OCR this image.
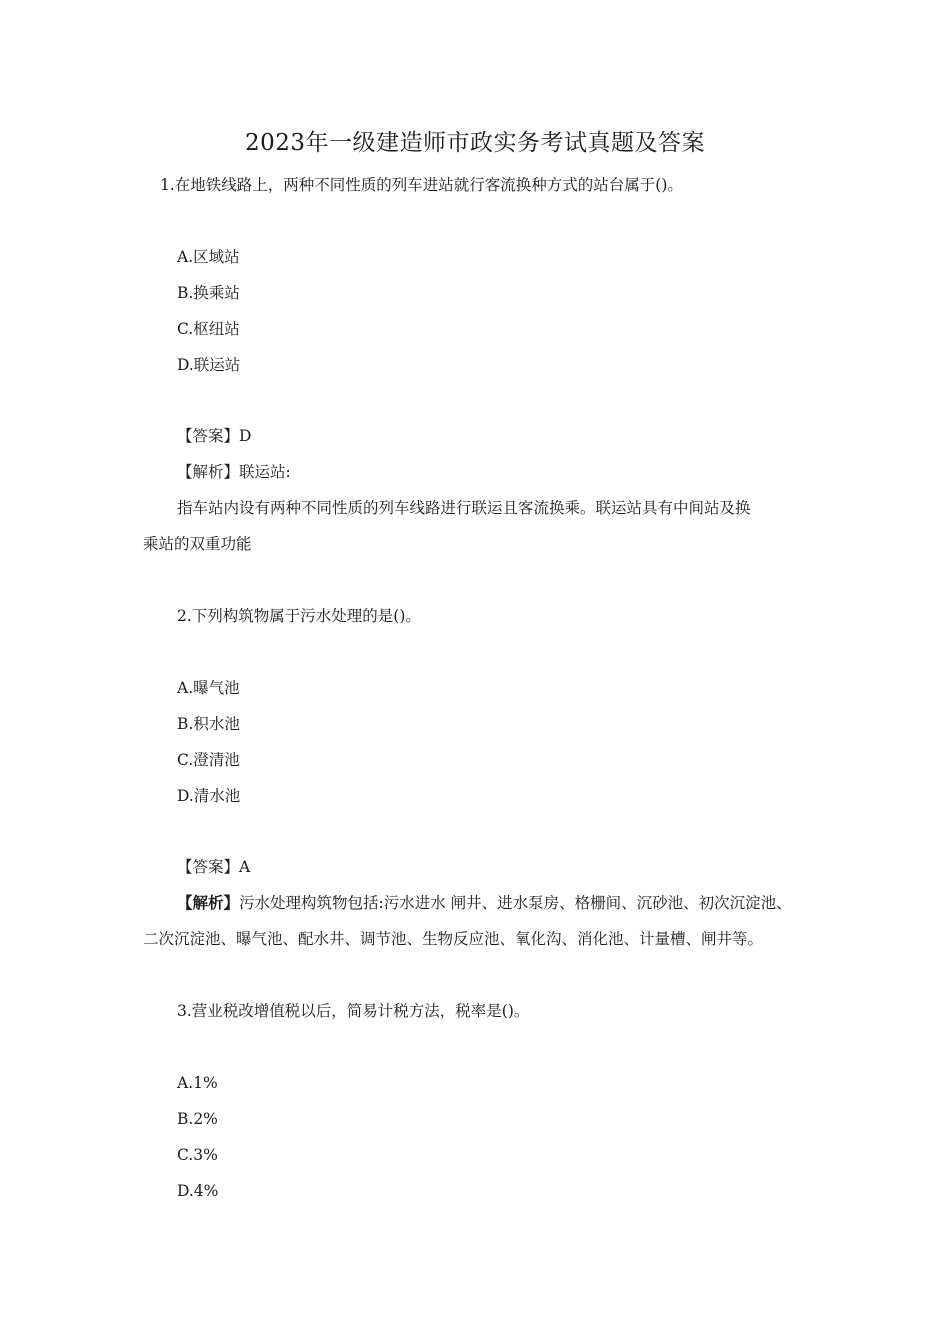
2023年一级建造师市政实务考试真题及答案
1.在地铁线路上，两种不同性质的列车进站就行客流换种方式的站台属于()。
A.区域站
B.换乘站
C.枢纽站
D.联运站
【答案】D
【解析】联运站:
指车站内设有两种不同性质的列车线路进行联运且客流换乘。联运站具有中间站及换
乘站的双重功能
2.下列构筑物属于污水处理的是()。
A.曝气池
B.积水池
C.澄清池
D.清水池
【答案】A
【解析】污水处理构筑物包括:污水进水 闸井、进水泵房、格栅间、沉砂池、初次沉淀池、
二次沉淀池、曝气池、配水井、调节池、生物反应池、氧化沟、消化池、计量槽、闸井等。
3.营业税改增值税以后，简易计税方法，税率是()。
A.1%
B.2%
C.3%
D.4%
